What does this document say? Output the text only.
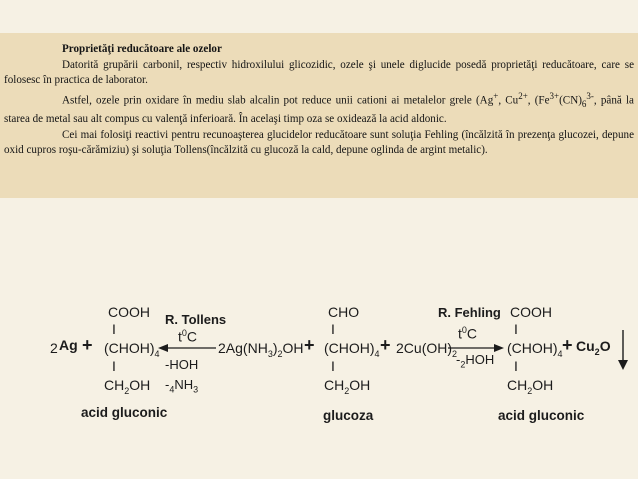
Proprietăţi reducătoare ale ozelor

Datorită grupării carbonil, respectiv hidroxilului glicozidic, ozele şi unele diglucide posedă proprietăţi reducătoare, care se folosesc în practica de laborator.

Astfel, ozele prin oxidare în mediu slab alcalin pot reduce unii cationi ai metalelor grele (Ag+, $Cu^{2+}$, ($Fe^{3+}(CN)_6^{3-}$, până la starea de metal sau alt compus cu valenţă inferioară. În acelaşi timp oza se oxidează la acid aldonic.

Cei mai folosiţi reactivi pentru recunoaşterea glucidelor reducătoare sunt soluţia Fehling (încălzită în prezenţa glucozei, depune oxid cupros roşu-cărămiziu) şi soluţia Tollens(încălzită cu glucoză la cald, depune oglinda de argint metalic).

2 Ag +
COOH
I
$(CHOH)_4$
I
$CH_2OH$
acid gluconic
R. Tollens
$t^0C$
-HOH
$-_4NH_3$
$2Ag(NH_3)_2OH$ +
CHO
I
$(CHOH)_4$
I
$CH_2OH$
glucoza
+ $2Cu(OH)_2$
R. Fehling
$t^0C$
$-_2HOH$
COOH
I
$(CHOH)_4$
I
$CH_2OH$
acid gluconic
+ $Cu_2O$
